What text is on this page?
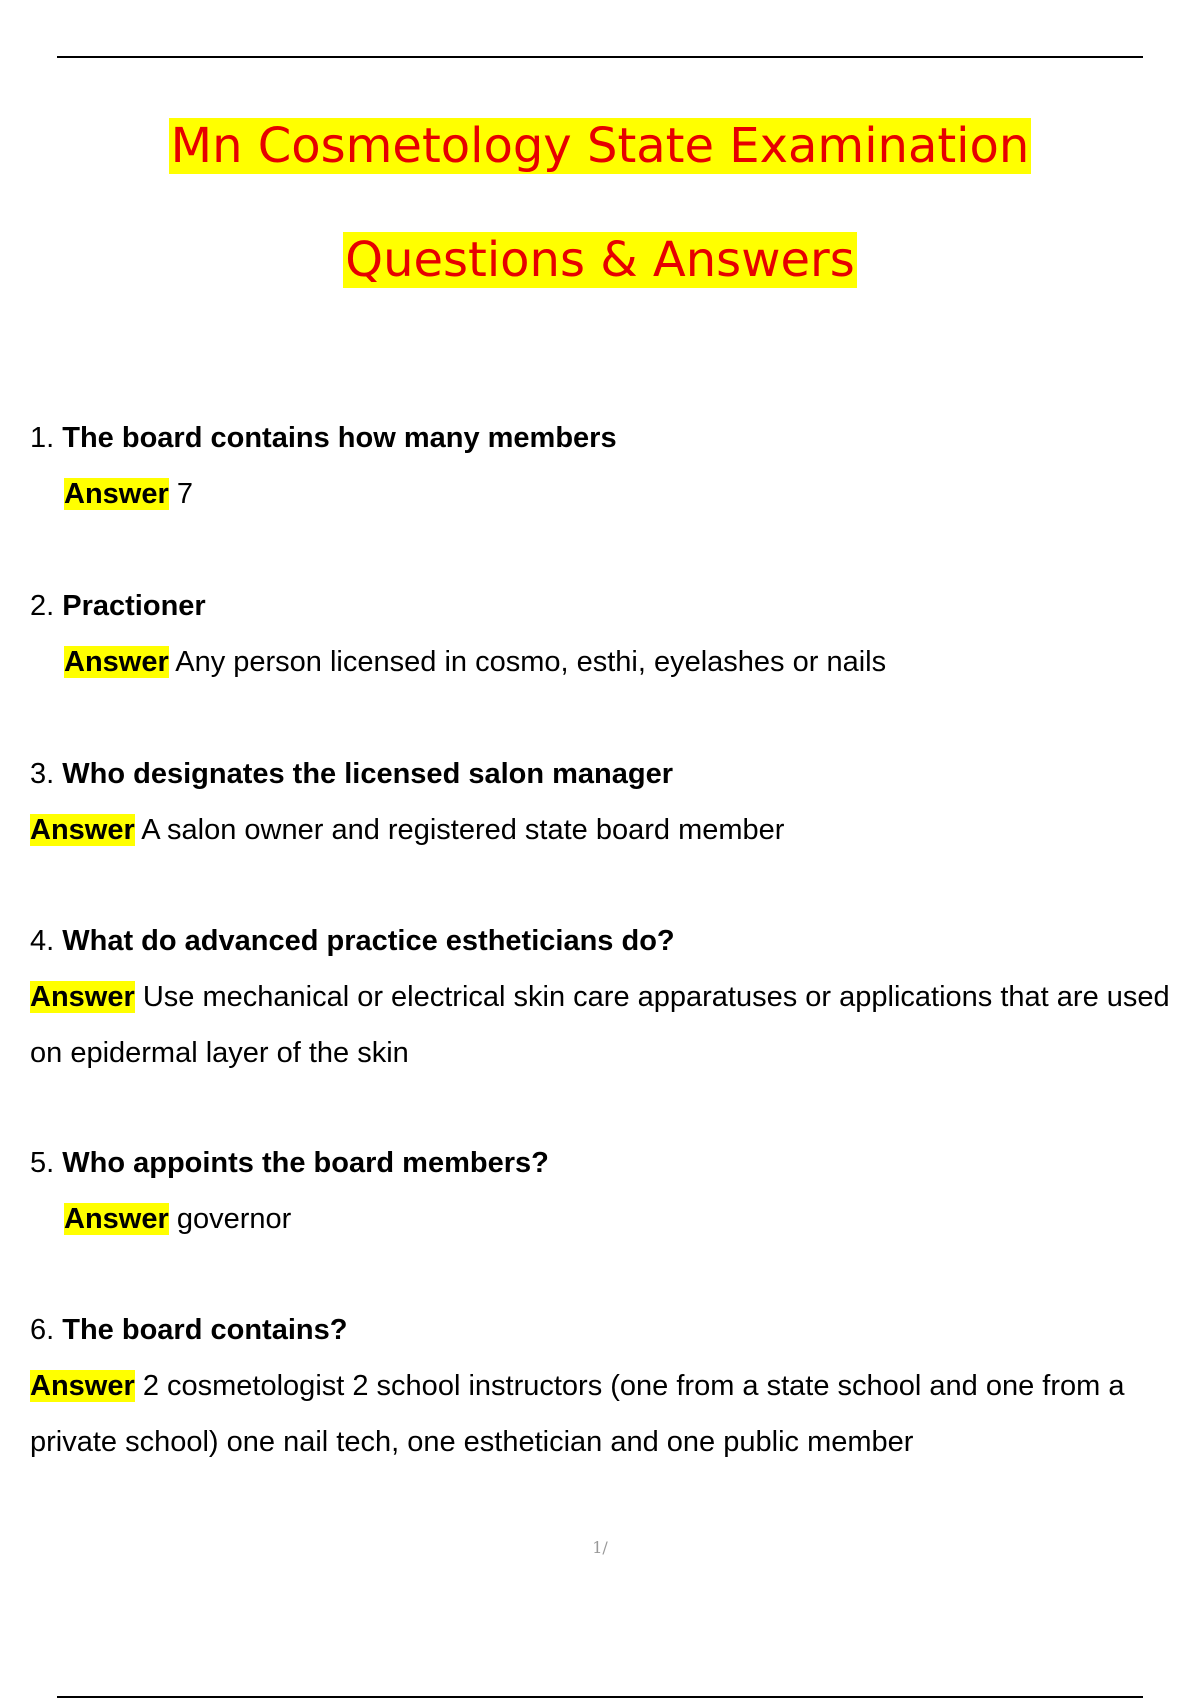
Mn Cosmetology State Examination
Questions & Answers
1. The board contains how many members
Answer 7
2. Practioner
Answer Any person licensed in cosmo, esthi, eyelashes or nails
3. Who designates the licensed salon manager
Answer A salon owner and registered state board member
4. What do advanced practice estheticians do?
Answer Use mechanical or electrical skin care apparatuses or applications that are used on epidermal layer of the skin
5. Who appoints the board members?
Answer governor
6. The board contains?
Answer 2 cosmetologist 2 school instructors (one from a state school and one from a private school) one nail tech, one esthetician and one public member
1/
